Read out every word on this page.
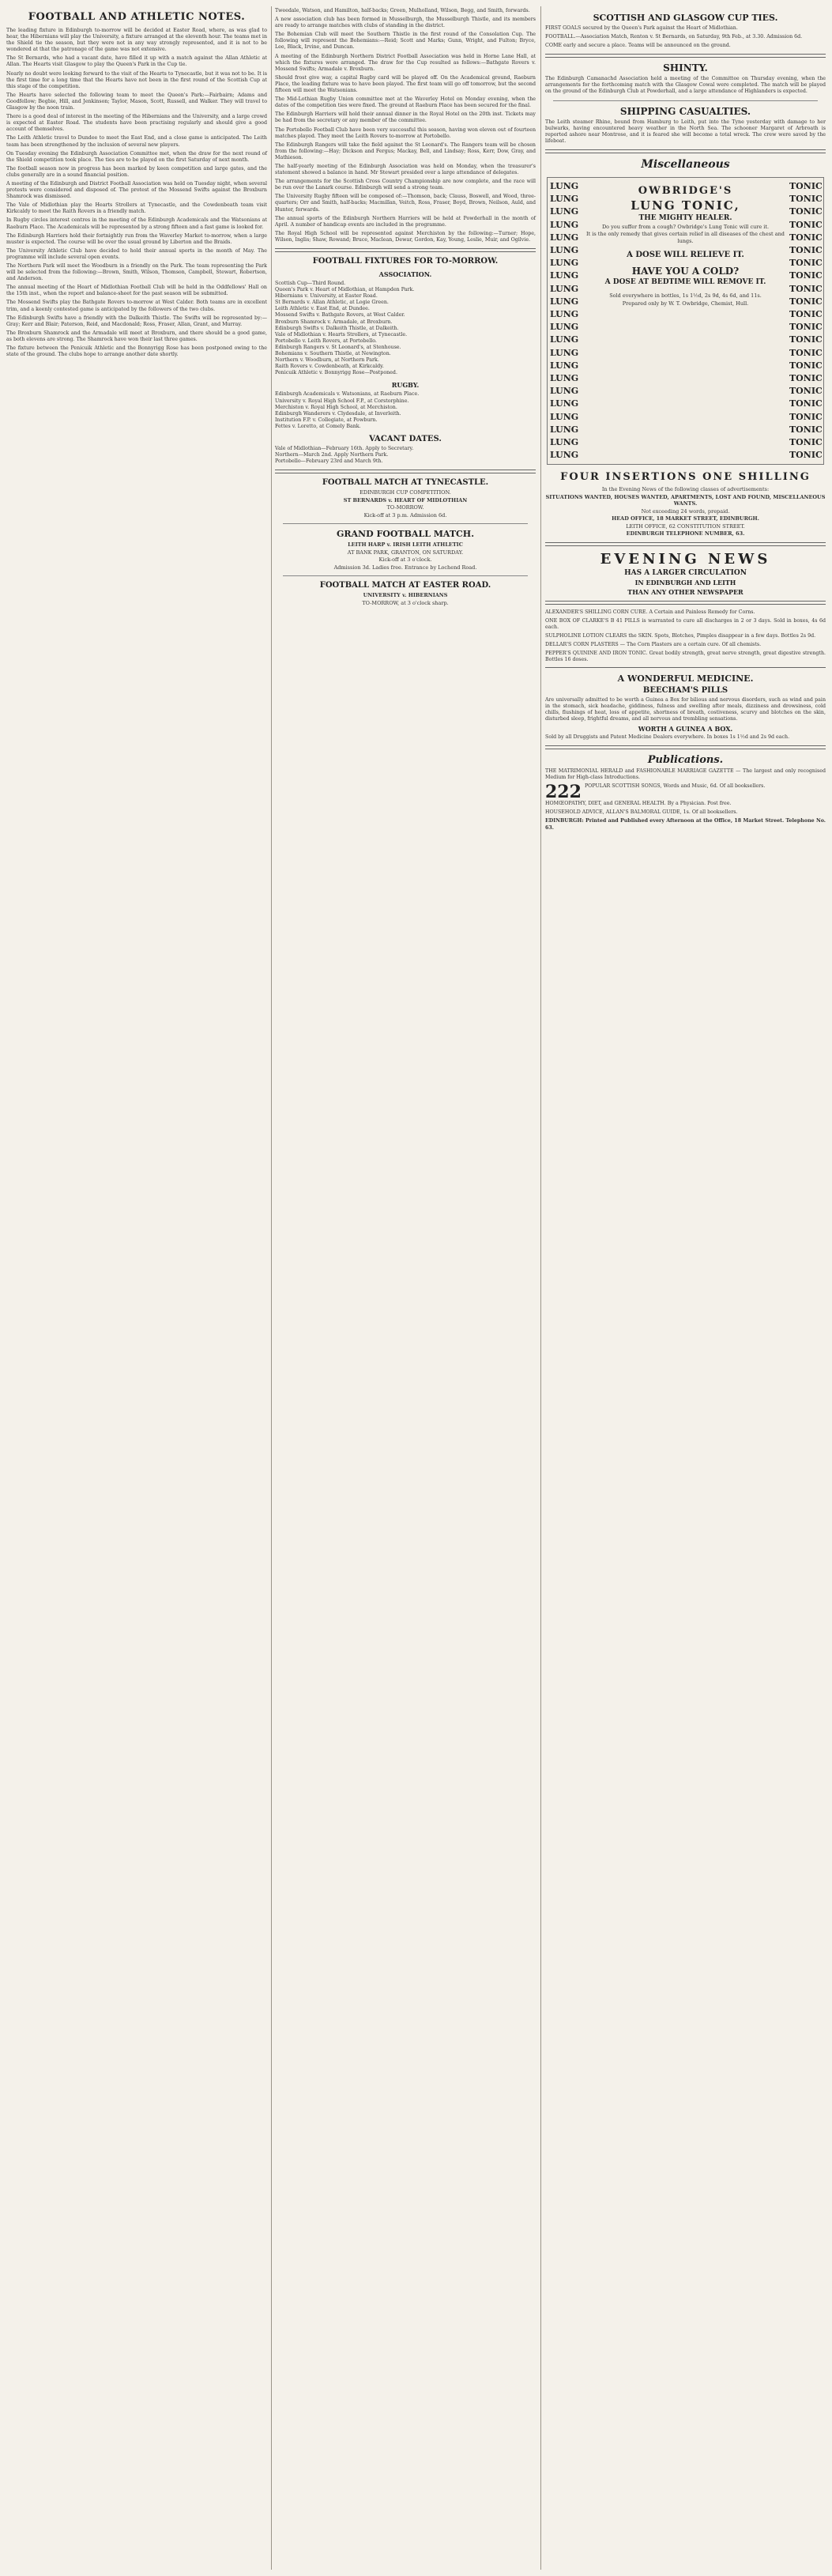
FOOTBALL AND ATHLETIC NOTES.

The leading fixture in Edinburgh to-morrow will be decided at Easter Road, where, as was glad to hear, the Hibernians will play the University, a fixture arranged at the eleventh hour. The teams met in the Shield tie the season, but they were not in any way strongly represented, and it is not to be wondered at that the patronage of the game was not extensive.

The St Bernards, who had a vacant date, have filled it up with a match against the Allan Athletic at Allan. The Hearts visit Glasgow to play the Queen's Park in the Cup tie.

Nearly no doubt were looking forward to the visit of the Hearts to Tynecastle, but it was not to be. It is the first time for a long time that the Hearts have not been in the first round of the Scottish Cup at this stage of the competition.

The Hearts have selected the following team to meet the Queen's Park:—Fairbairn; Adams and Goodfellow; Begbie, Hill, and Jenkinson; Taylor, Mason, Scott, Russell, and Walker. They will travel to Glasgow by the noon train.

There is a good deal of interest in the meeting of the Hibernians and the University, and a large crowd is expected at Easter Road. The students have been practising regularly and should give a good account of themselves.

The Leith Athletic travel to Dundee to meet the East End, and a close game is anticipated. The Leith team has been strengthened by the inclusion of several new players.

On Tuesday evening the Edinburgh Association Committee met, when the draw for the next round of the Shield competition took place. The ties are to be played on the first Saturday of next month.

The football season now in progress has been marked by keen competition and large gates, and the clubs generally are in a sound financial position.

A meeting of the Edinburgh and District Football Association was held on Tuesday night, when several protests were considered and disposed of. The protest of the Mossend Swifts against the Broxburn Shamrock was dismissed.

The Vale of Midlothian play the Hearts Strollers at Tynecastle, and the Cowdenbeath team visit Kirkcaldy to meet the Raith Rovers in a friendly match.

In Rugby circles interest centres in the meeting of the Edinburgh Academicals and the Watsonians at Raeburn Place. The Academicals will be represented by a strong fifteen and a fast game is looked for.

The Edinburgh Harriers hold their fortnightly run from the Waverley Market to-morrow, when a large muster is expected. The course will be over the usual ground by Liberton and the Braids.

The University Athletic Club have decided to hold their annual sports in the month of May. The programme will include several open events.

The Northern Park will meet the Woodburn in a friendly on the Park. The team representing the Park will be selected from the following:—Brown, Smith, Wilson, Thomson, Campbell, Stewart, Robertson, and Anderson.

The annual meeting of the Heart of Midlothian Football Club will be held in the Oddfellows' Hall on the 15th inst., when the report and balance-sheet for the past season will be submitted.

The Mossend Swifts play the Bathgate Rovers to-morrow at West Calder. Both teams are in excellent trim, and a keenly contested game is anticipated by the followers of the two clubs.

The Edinburgh Swifts have a friendly with the Dalkeith Thistle. The Swifts will be represented by:—Gray; Kerr and Blair; Paterson, Reid, and Macdonald; Ross, Fraser, Allan, Grant, and Murray.

The Broxburn Shamrock and the Armadale will meet at Broxburn, and there should be a good game, as both elevens are strong. The Shamrock have won their last three games.

The fixture between the Penicuik Athletic and the Bonnyrigg Rose has been postponed owing to the state of the ground. The clubs hope to arrange another date shortly.

Tweedale, Watson, and Hamilton, half-backs; Green, Mulholland, Wilson, Begg, and Smith, forwards.

A new association club has been formed in Musselburgh, the Musselburgh Thistle, and its members are ready to arrange matches with clubs of standing in the district.

The Bohemian Club will meet the Southern Thistle in the first round of the Consolation Cup. The following will represent the Bohemians:—Reid; Scott and Marks; Gunn, Wright, and Fulton; Bryce, Lee, Black, Irvine, and Duncan.

A meeting of the Edinburgh Northern District Football Association was held in Horne Lane Hall, at which the fixtures were arranged. The draw for the Cup resulted as follows:—Bathgate Rovers v. Mossend Swifts; Armadale v. Broxburn.

Should frost give way, a capital Rugby card will be played off. On the Academical ground, Raeburn Place, the leading fixture was to have been played. The first team will go off tomorrow, but the second fifteen will meet the Watsonians.

The Mid-Lothian Rugby Union committee met at the Waverley Hotel on Monday evening, when the dates of the competition ties were fixed. The ground at Raeburn Place has been secured for the final.

The Edinburgh Harriers will hold their annual dinner in the Royal Hotel on the 20th inst. Tickets may be had from the secretary or any member of the committee.

The Portobello Football Club have been very successful this season, having won eleven out of fourteen matches played. They meet the Leith Rovers to-morrow at Portobello.

The Edinburgh Rangers will take the field against the St Leonard's. The Rangers team will be chosen from the following:—Hay; Dickson and Fergus; Mackay, Bell, and Lindsay; Ross, Kerr, Dow, Gray, and Mathieson.

The half-yearly meeting of the Edinburgh Association was held on Monday, when the treasurer's statement showed a balance in hand. Mr Stewart presided over a large attendance of delegates.

The arrangements for the Scottish Cross Country Championship are now complete, and the race will be run over the Lanark course. Edinburgh will send a strong team.

The University Rugby fifteen will be composed of:—Thomson, back; Clauss, Boswell, and Wood, three-quarters; Orr and Smith, half-backs; Macmillan, Veitch, Ross, Fraser, Boyd, Brown, Neilson, Auld, and Hunter, forwards.

The annual sports of the Edinburgh Northern Harriers will be held at Powderhall in the month of April. A number of handicap events are included in the programme.

The Royal High School will be represented against Merchiston by the following:—Turner; Hope, Wilson, Inglis; Shaw, Rowand; Bruce, Maclean, Dewar, Gordon, Kay, Young, Leslie, Muir, and Ogilvie.

FOOTBALL FIXTURES FOR TO-MORROW.
ASSOCIATION.

Scottish Cup—Third Round.

Queen's Park v. Heart of Midlothian, at Hampden Park.

Hibernians v. University, at Easter Road.

St Bernards v. Allan Athletic, at Logie Green.

Leith Athletic v. East End, at Dundee.

Mossend Swifts v. Bathgate Rovers, at West Calder.

Broxburn Shamrock v. Armadale, at Broxburn.

Edinburgh Swifts v. Dalkeith Thistle, at Dalkeith.

Vale of Midlothian v. Hearts Strollers, at Tynecastle.

Portobello v. Leith Rovers, at Portobello.

Edinburgh Rangers v. St Leonard's, at Stenhouse.

Bohemians v. Southern Thistle, at Newington.

Northern v. Woodburn, at Northern Park.

Raith Rovers v. Cowdenbeath, at Kirkcaldy.

Penicuik Athletic v. Bonnyrigg Rose—Postponed.

RUGBY.

Edinburgh Academicals v. Watsonians, at Raeburn Place.

University v. Royal High School F.P., at Corstorphine.

Merchiston v. Royal High School, at Merchiston.

Edinburgh Wanderers v. Clydesdale, at Inverleith.

Institution F.P. v. Collegiate, at Powburn.

Fettes v. Loretto, at Comely Bank.

VACANT DATES.

Vale of Midlothian—February 16th. Apply to Secretary.

Northern—March 2nd. Apply Northern Park.

Portobello—February 23rd and March 9th.

FOOTBALL MATCH AT TYNECASTLE.

EDINBURGH CUP COMPETITION.

ST BERNARDS v. HEART OF MIDLOTHIAN

TO-MORROW.

Kick-off at 3 p.m. Admission 6d.

GRAND FOOTBALL MATCH.

LEITH HARP v. IRISH LEITH ATHLETIC

AT BANK PARK, GRANTON, ON SATURDAY.

Kick-off at 3 o'clock.

Admission 3d. Ladies free. Entrance by Lochend Road.

FOOTBALL MATCH AT EASTER ROAD.

UNIVERSITY v. HIBERNIANS

TO-MORROW, at 3 o'clock sharp.

SCOTTISH AND GLASGOW CUP TIES.

FIRST GOALS secured by the Queen's Park against the Heart of Midlothian.

FOOTBALL.—Association Match, Renton v. St Bernards, on Saturday, 9th Feb., at 3.30. Admission 6d.

COME early and secure a place. Teams will be announced on the ground.

SHINTY.

The Edinburgh Camanachd Association held a meeting of the Committee on Thursday evening, when the arrangements for the forthcoming match with the Glasgow Cowal were completed. The match will be played on the ground of the Edinburgh Club at Powderhall, and a large attendance of Highlanders is expected.

SHIPPING CASUALTIES.

The Leith steamer Rhine, bound from Hamburg to Leith, put into the Tyne yesterday with damage to her bulwarks, having encountered heavy weather in the North Sea. The schooner Margaret of Arbroath is reported ashore near Montrose, and it is feared she will become a total wreck. The crew were saved by the lifeboat.

Miscellaneous
LUNG
LUNG
LUNG
LUNG
LUNG
LUNG
LUNG
LUNG
LUNG
LUNG
LUNG
LUNG
LUNG
LUNG
LUNG
LUNG
LUNG
LUNG
LUNG
LUNG
LUNG
LUNG
OWBRIDGE'S
LUNG TONIC,
THE MIGHTY HEALER.

Do you suffer from a cough? Owbridge's Lung Tonic will cure it.

It is the only remedy that gives certain relief in all diseases of the chest and lungs.

A DOSE WILL RELIEVE IT.
HAVE YOU A COLD?
A DOSE AT BEDTIME WILL REMOVE IT.

Sold everywhere in bottles, 1s 1½d, 2s 9d, 4s 6d, and 11s.

Prepared only by W. T. Owbridge, Chemist, Hull.

TONIC
TONIC
TONIC
TONIC
TONIC
TONIC
TONIC
TONIC
TONIC
TONIC
TONIC
TONIC
TONIC
TONIC
TONIC
TONIC
TONIC
TONIC
TONIC
TONIC
TONIC
TONIC
FOUR INSERTIONS ONE SHILLING

In the Evening News of the following classes of advertisements:

SITUATIONS WANTED, HOUSES WANTED, APARTMENTS, LOST AND FOUND, MISCELLANEOUS WANTS.

Not exceeding 24 words, prepaid.

HEAD OFFICE, 18 MARKET STREET, EDINBURGH.

LEITH OFFICE, 62 CONSTITUTION STREET.

EDINBURGH TELEPHONE NUMBER, 63.

EVENING NEWS
HAS A LARGER CIRCULATION
IN EDINBURGH AND LEITH
THAN ANY OTHER NEWSPAPER

ALEXANDER'S SHILLING CORN CURE. A Certain and Painless Remedy for Corns.

ONE BOX OF CLARKE'S B 41 PILLS is warranted to cure all discharges in 2 or 3 days. Sold in boxes, 4s 6d each.

SULPHOLINE LOTION CLEARS the SKIN. Spots, Blotches, Pimples disappear in a few days. Bottles 2s 9d.

DELLAR'S CORN PLASTERS — The Corn Plasters are a certain cure. Of all chemists.

PEPPER'S QUININE AND IRON TONIC. Great bodily strength, great nerve strength, great digestive strength. Bottles 16 doses.

A WONDERFUL MEDICINE.
BEECHAM'S PILLS

Are universally admitted to be worth a Guinea a Box for bilious and nervous disorders, such as wind and pain in the stomach, sick headache, giddiness, fulness and swelling after meals, dizziness and drowsiness, cold chills, flushings of heat, loss of appetite, shortness of breath, costiveness, scurvy and blotches on the skin, disturbed sleep, frightful dreams, and all nervous and trembling sensations.

WORTH A GUINEA A BOX.

Sold by all Druggists and Patent Medicine Dealers everywhere. In boxes 1s 1½d and 2s 9d each.

Publications.

THE MATRIMONIAL HERALD and FASHIONABLE MARRIAGE GAZETTE — The largest and only recognised Medium for High-class Introductions.

222 POPULAR SCOTTISH SONGS, Words and Music, 6d. Of all booksellers.

HOMŒOPATHY, DIET, and GENERAL HEALTH. By a Physician. Post free.

HOUSEHOLD ADVICE, ALLAN'S BALMORAL GUIDE, 1s. Of all booksellers.

EDINBURGH: Printed and Published every Afternoon at the Office, 18 Market Street. Telephone No. 63.
